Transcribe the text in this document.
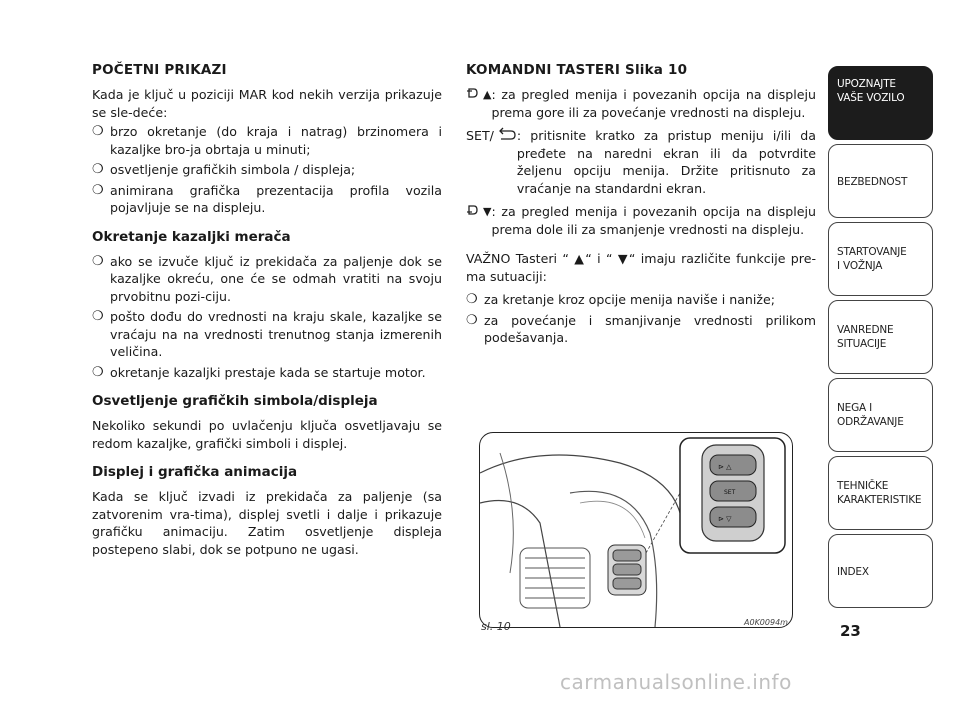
POČETNI PRIKAZI
Kada je ključ u poziciji MAR kod nekih verzija prikazuje se sle-deće:
❍ brzo okretanje (do kraja i natrag) brzinomera i kazaljke bro-ja obrtaja u minuti;
❍ osvetljenje grafičkih simbola / displeja;
❍ animirana grafička prezentacija profila vozila pojavljuje se na displeju.
Okretanje kazaljki merača
❍ ako se izvuče ključ iz prekidača za paljenje dok se kazaljke okreću, one će se odmah vratiti na svoju prvobitnu pozi-ciju.
❍ pošto dođu do vrednosti na kraju skale, kazaljke se vraćaju na na vrednosti trenutnog stanja izmerenih veličina.
❍ okretanje kazaljki prestaje kada se startuje motor.
Osvetljenje grafičkih simbola/displeja
Nekoliko sekundi po uvlačenju ključa osvetljavaju se redom kazaljke, grafički simboli i displej.
Displej i grafička animacija
Kada se ključ izvadi iz prekidača za paljenje (sa zatvorenim vra-tima), displej svetli i dalje i prikazuje grafičku animaciju. Zatim osvetljenje displeja postepeno slabi, dok se potpuno ne ugasi.
KOMANDNI TASTERI Slika 10
▲ : za pregled menija i povezanih opcija na displeju prema gore ili za povećanje vrednosti na displeju.
SET/ : pritisnite kratko za pristup meniju i/ili da pređete na naredni ekran ili da potvrdite željenu opciju menija. Držite pritisnuto za vraćanje na standardni ekran.
▼ : za pregled menija i povezanih opcija na displeju prema dole ili za smanjenje vrednosti na displeju.
VAŽNO Tasteri “ ▲“ i “ ▼“ imaju različite funkcije pre-ma sutuaciji:
❍ za kretanje kroz opcije menija naviše i naniže;
❍ za povećanje i smanjivanje vrednosti prilikom podešavanja.
⊳ △
SET
⊳ ▽
sl. 10	A0K0094m
UPOZNAJTE
VAŠE VOZILO
BEZBEDNOST
STARTOVANJE
I VOŽNJA
VANREDNE
SITUACIJE
NEGA I
ODRŽAVANJE
TEHNIČKE
KARAKTERISTIKE
INDEX
23
carmanualsonline.info
